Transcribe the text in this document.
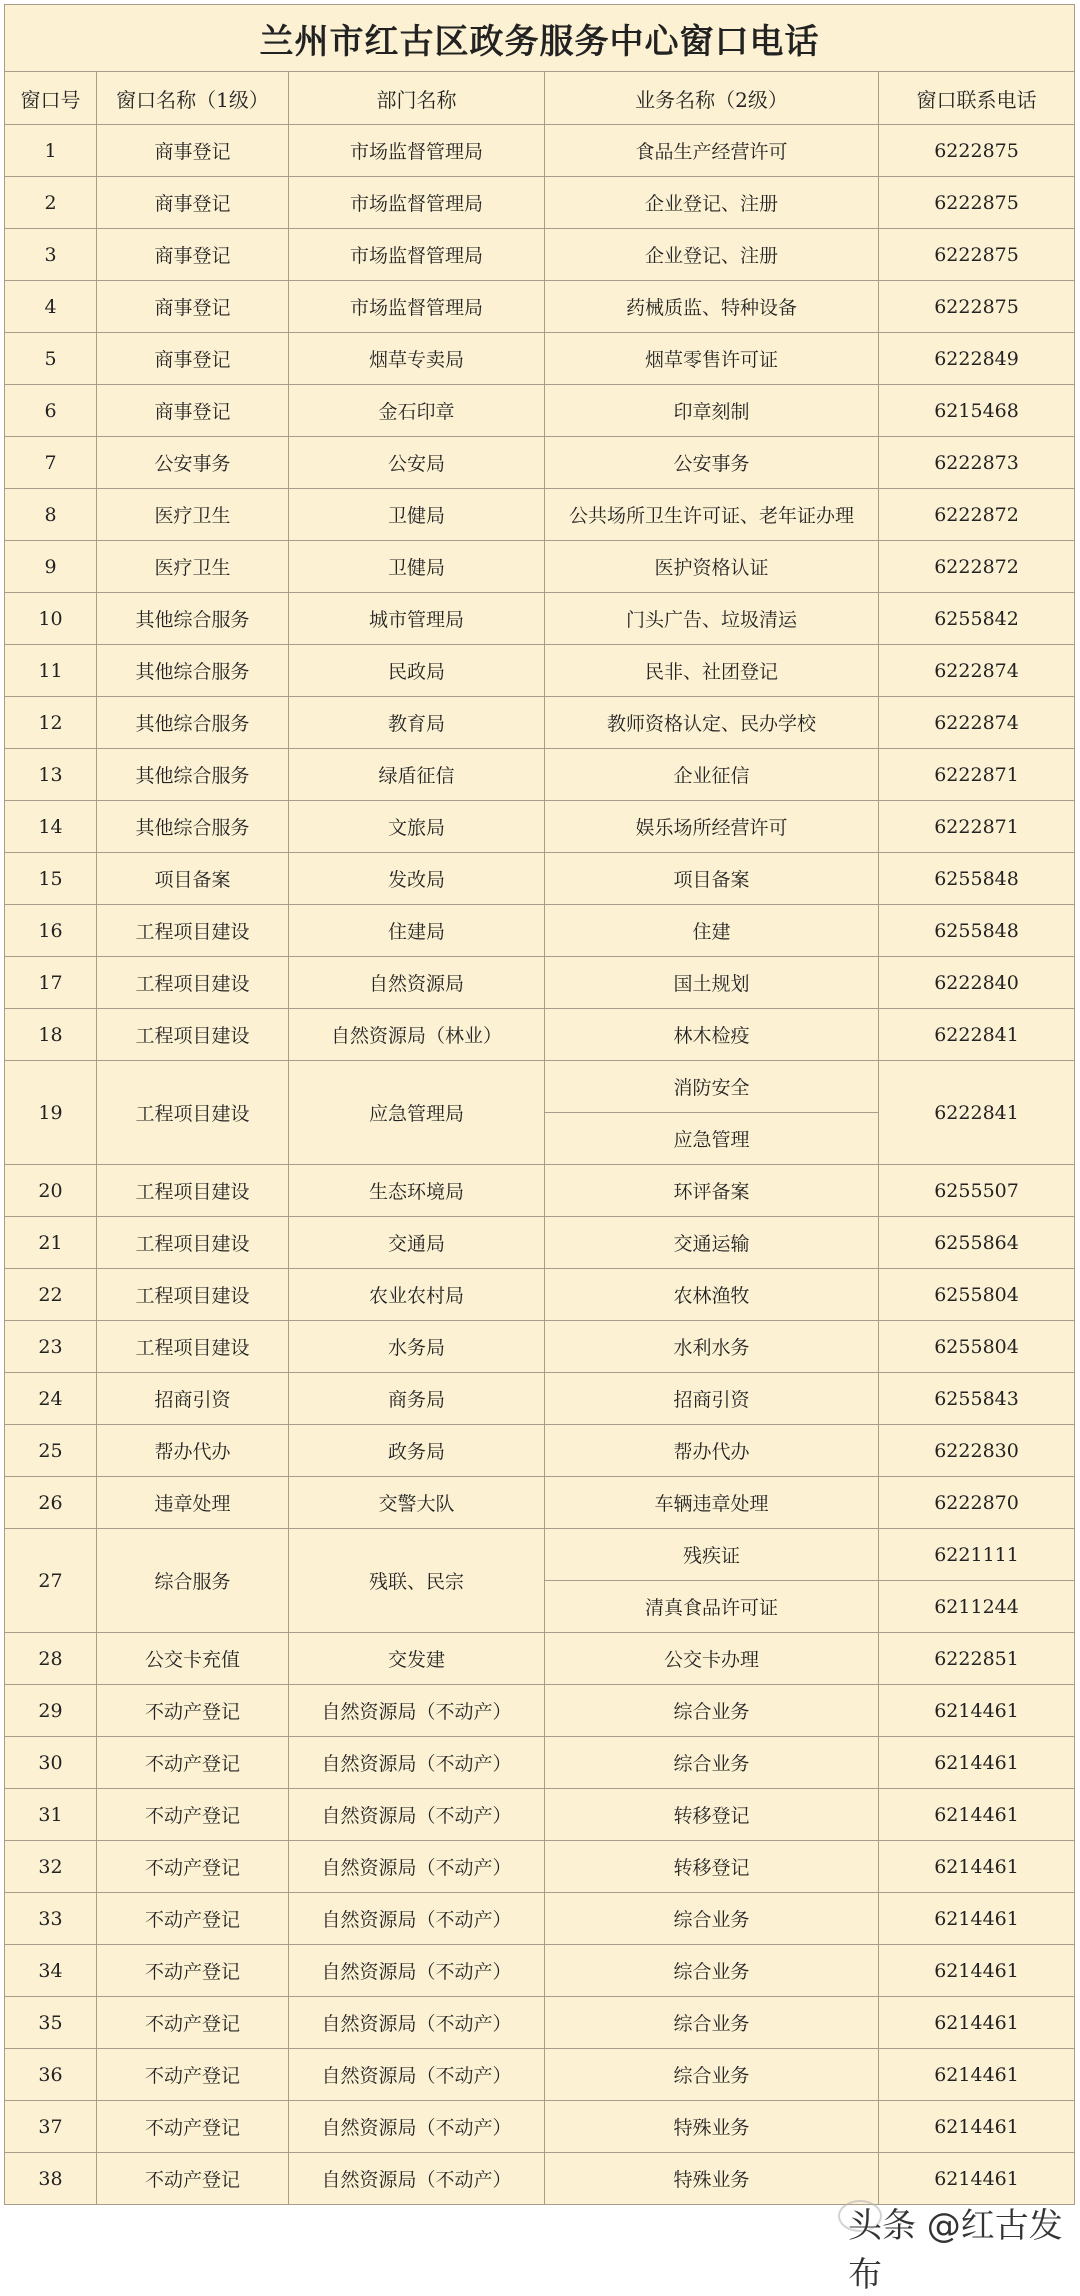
兰州市红古区政务服务中心窗口电话				
窗口号	窗口名称（1级）	部门名称	业务名称（2级）	窗口联系电话
1	商事登记	市场监督管理局	食品生产经营许可	6222875
2	商事登记	市场监督管理局	企业登记、注册	6222875
3	商事登记	市场监督管理局	企业登记、注册	6222875
4	商事登记	市场监督管理局	药械质监、特种设备	6222875
5	商事登记	烟草专卖局	烟草零售许可证	6222849
6	商事登记	金石印章	印章刻制	6215468
7	公安事务	公安局	公安事务	6222873
8	医疗卫生	卫健局	公共场所卫生许可证、老年证办理	6222872
9	医疗卫生	卫健局	医护资格认证	6222872
10	其他综合服务	城市管理局	门头广告、垃圾清运	6255842
11	其他综合服务	民政局	民非、社团登记	6222874
12	其他综合服务	教育局	教师资格认定、民办学校	6222874
13	其他综合服务	绿盾征信	企业征信	6222871
14	其他综合服务	文旅局	娱乐场所经营许可	6222871
15	项目备案	发改局	项目备案	6255848
16	工程项目建设	住建局	住建	6255848
17	工程项目建设	自然资源局	国土规划	6222840
18	工程项目建设	自然资源局（林业）	林木检疫	6222841
19	工程项目建设	应急管理局	消防安全	6222841
			应急管理	
20	工程项目建设	生态环境局	环评备案	6255507
21	工程项目建设	交通局	交通运输	6255864
22	工程项目建设	农业农村局	农林渔牧	6255804
23	工程项目建设	水务局	水利水务	6255804
24	招商引资	商务局	招商引资	6255843
25	帮办代办	政务局	帮办代办	6222830
26	违章处理	交警大队	车辆违章处理	6222870
27	综合服务	残联、民宗	残疾证	6221111
			清真食品许可证	6211244
28	公交卡充值	交发建	公交卡办理	6222851
29	不动产登记	自然资源局（不动产）	综合业务	6214461
30	不动产登记	自然资源局（不动产）	综合业务	6214461
31	不动产登记	自然资源局（不动产）	转移登记	6214461
32	不动产登记	自然资源局（不动产）	转移登记	6214461
33	不动产登记	自然资源局（不动产）	综合业务	6214461
34	不动产登记	自然资源局（不动产）	综合业务	6214461
35	不动产登记	自然资源局（不动产）	综合业务	6214461
36	不动产登记	自然资源局（不动产）	综合业务	6214461
37	不动产登记	自然资源局（不动产）	特殊业务	6214461
38	不动产登记	自然资源局（不动产）	特殊业务	6214461
头条 @红古发布
